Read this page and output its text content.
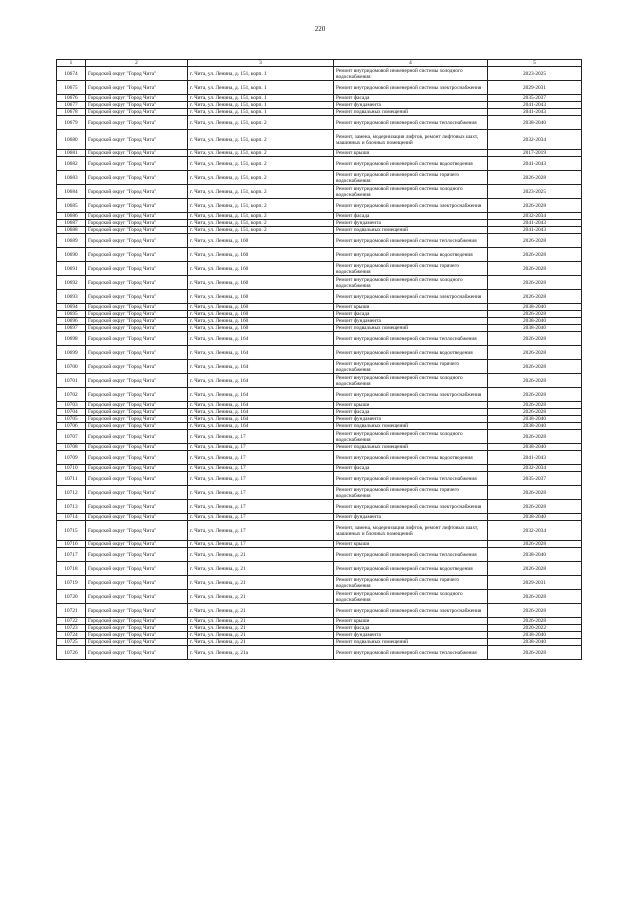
220
1	2	3	4	5
10674	Городской округ "Город Чита"	г. Чита, ул. Ленина, д. 151, корп. 1	Ремонт внутридомовой инженерной системы холодного водоснабжения	2023-2025
10675	Городской округ "Город Чита"	г. Чита, ул. Ленина, д. 151, корп. 1	Ремонт внутридомовой инженерной системы электроснабжения	2029-2031
10676	Городской округ "Город Чита"	г. Чита, ул. Ленина, д. 151, корп. 1	Ремонт фасада	2035-2037
10677	Городской округ "Город Чита"	г. Чита, ул. Ленина, д. 151, корп. 1	Ремонт фундамента	2041-2043
10678	Городской округ "Город Чита"	г. Чита, ул. Ленина, д. 151, корп. 1	Ремонт подвальных помещений	2041-2043
10679	Городской округ "Город Чита"	г. Чита, ул. Ленина, д. 151, корп. 2	Ремонт внутридомовой инженерной системы теплоснабжения	2038-2040
10680	Городской округ "Город Чита"	г. Чита, ул. Ленина, д. 151, корп. 2	Ремонт, замена, модернизация лифтов, ремонт лифтовых шахт, машинных и блочных помещений	2032-2034
10681	Городской округ "Город Чита"	г. Чита, ул. Ленина, д. 151, корп. 2	Ремонт крыши	2017-2019
10682	Городской округ "Город Чита"	г. Чита, ул. Ленина, д. 151, корп. 2	Ремонт внутридомовой инженерной системы водоотведения	2041-2043
10683	Городской округ "Город Чита"	г. Чита, ул. Ленина, д. 151, корп. 2	Ремонт внутридомовой инженерной системы горячего водоснабжения	2026-2028
10684	Городской округ "Город Чита"	г. Чита, ул. Ленина, д. 151, корп. 2	Ремонт внутридомовой инженерной системы холодного водоснабжения	2023-2025
10685	Городской округ "Город Чита"	г. Чита, ул. Ленина, д. 151, корп. 2	Ремонт внутридомовой инженерной системы электроснабжения	2026-2028
10686	Городской округ "Город Чита"	г. Чита, ул. Ленина, д. 151, корп. 2	Ремонт фасада	2032-2034
10687	Городской округ "Город Чита"	г. Чита, ул. Ленина, д. 151, корп. 2	Ремонт фундамента	2041-2043
10688	Городской округ "Город Чита"	г. Чита, ул. Ленина, д. 151, корп. 2	Ремонт подвальных помещений	2041-2043
10689	Городской округ "Город Чита"	г. Чита, ул. Ленина, д. 160	Ремонт внутридомовой инженерной системы теплоснабжения	2026-2028
10690	Городской округ "Город Чита"	г. Чита, ул. Ленина, д. 160	Ремонт внутридомовой инженерной системы водоотведения	2026-2028
10691	Городской округ "Город Чита"	г. Чита, ул. Ленина, д. 160	Ремонт внутридомовой инженерной системы горячего водоснабжения	2026-2028
10692	Городской округ "Город Чита"	г. Чита, ул. Ленина, д. 160	Ремонт внутридомовой инженерной системы холодного водоснабжения	2026-2028
10693	Городской округ "Город Чита"	г. Чита, ул. Ленина, д. 160	Ремонт внутридомовой инженерной системы электроснабжения	2026-2028
10694	Городской округ "Город Чита"	г. Чита, ул. Ленина, д. 160	Ремонт крыши	2038-2040
10695	Городской округ "Город Чита"	г. Чита, ул. Ленина, д. 160	Ремонт фасада	2026-2028
10696	Городской округ "Город Чита"	г. Чита, ул. Ленина, д. 160	Ремонт фундамента	2038-2040
10697	Городской округ "Город Чита"	г. Чита, ул. Ленина, д. 160	Ремонт подвальных помещений	2038-2040
10698	Городской округ "Город Чита"	г. Чита, ул. Ленина, д. 164	Ремонт внутридомовой инженерной системы теплоснабжения	2026-2028
10699	Городской округ "Город Чита"	г. Чита, ул. Ленина, д. 164	Ремонт внутридомовой инженерной системы водоотведения	2026-2028
10700	Городской округ "Город Чита"	г. Чита, ул. Ленина, д. 164	Ремонт внутридомовой инженерной системы горячего водоснабжения	2026-2028
10701	Городской округ "Город Чита"	г. Чита, ул. Ленина, д. 164	Ремонт внутридомовой инженерной системы холодного водоснабжения	2026-2028
10702	Городской округ "Город Чита"	г. Чита, ул. Ленина, д. 164	Ремонт внутридомовой инженерной системы электроснабжения	2026-2028
10703	Городской округ "Город Чита"	г. Чита, ул. Ленина, д. 164	Ремонт крыши	2026-2028
10704	Городской округ "Город Чита"	г. Чита, ул. Ленина, д. 164	Ремонт фасада	2026-2028
10705	Городской округ "Город Чита"	г. Чита, ул. Ленина, д. 164	Ремонт фундамента	2038-2040
10706	Городской округ "Город Чита"	г. Чита, ул. Ленина, д. 164	Ремонт подвальных помещений	2038-2040
10707	Городской округ "Город Чита"	г. Чита, ул. Ленина, д. 17	Ремонт внутридомовой инженерной системы холодного водоснабжения	2026-2028
10708	Городской округ "Город Чита"	г. Чита, ул. Ленина, д. 17	Ремонт подвальных помещений	2038-2040
10709	Городской округ "Город Чита"	г. Чита, ул. Ленина, д. 17	Ремонт внутридомовой инженерной системы водоотведения	2041-2043
10710	Городской округ "Город Чита"	г. Чита, ул. Ленина, д. 17	Ремонт фасада	2032-2034
10711	Городской округ "Город Чита"	г. Чита, ул. Ленина, д. 17	Ремонт внутридомовой инженерной системы теплоснабжения	2035-2037
10712	Городской округ "Город Чита"	г. Чита, ул. Ленина, д. 17	Ремонт внутридомовой инженерной системы горячего водоснабжения	2026-2028
10713	Городской округ "Город Чита"	г. Чита, ул. Ленина, д. 17	Ремонт внутридомовой инженерной системы электроснабжения	2026-2028
10714	Городской округ "Город Чита"	г. Чита, ул. Ленина, д. 17	Ремонт фундамента	2038-2040
10715	Городской округ "Город Чита"	г. Чита, ул. Ленина, д. 17	Ремонт, замена, модернизация лифтов, ремонт лифтовых шахт, машинных и блочных помещений	2032-2034
10716	Городской округ "Город Чита"	г. Чита, ул. Ленина, д. 17	Ремонт крыши	2026-2028
10717	Городской округ "Город Чита"	г. Чита, ул. Ленина, д. 21	Ремонт внутридомовой инженерной системы теплоснабжения	2038-2040
10718	Городской округ "Город Чита"	г. Чита, ул. Ленина, д. 21	Ремонт внутридомовой инженерной системы водоотведения	2026-2028
10719	Городской округ "Город Чита"	г. Чита, ул. Ленина, д. 21	Ремонт внутридомовой инженерной системы горячего водоснабжения	2029-2031
10720	Городской округ "Город Чита"	г. Чита, ул. Ленина, д. 21	Ремонт внутридомовой инженерной системы холодного водоснабжения	2026-2028
10721	Городской округ "Город Чита"	г. Чита, ул. Ленина, д. 21	Ремонт внутридомовой инженерной системы электроснабжения	2026-2028
10722	Городской округ "Город Чита"	г. Чита, ул. Ленина, д. 21	Ремонт крыши	2026-2028
10723	Городской округ "Город Чита"	г. Чита, ул. Ленина, д. 21	Ремонт фасада	2020-2022
10724	Городской округ "Город Чита"	г. Чита, ул. Ленина, д. 21	Ремонт фундамента	2038-2040
10725	Городской округ "Город Чита"	г. Чита, ул. Ленина, д. 21	Ремонт подвальных помещений	2038-2040
10726	Городской округ "Город Чита"	г. Чита, ул. Ленина, д. 21а	Ремонт внутридомовой инженерной системы теплоснабжения	2026-2028
